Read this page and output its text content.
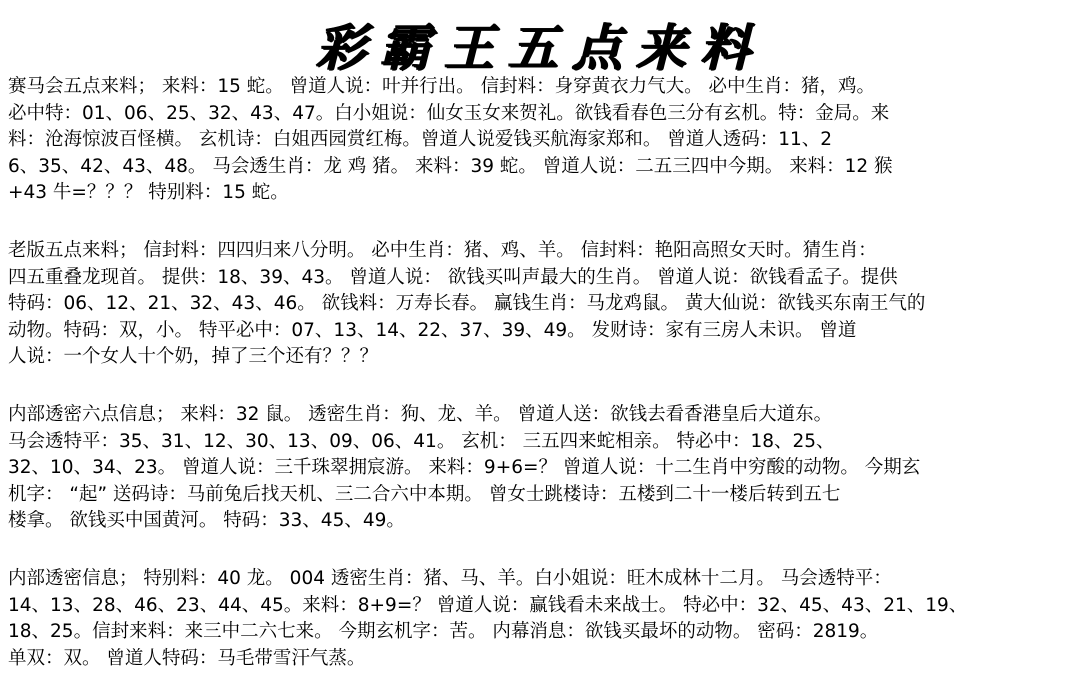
彩霸王五点来料
赛马会五点来料； 来料：15 蛇。 曾道人说：叶并行出。 信封料：身穿黄衣力气大。 必中生肖：猪，鸡。
必中特：01、06、25、32、43、47。白小姐说：仙女玉女来贺礼。欲钱看春色三分有玄机。特：金局。来
料：沧海惊波百怪横。 玄机诗：白姐西园赏红梅。曾道人说爱钱买航海家郑和。 曾道人透码：11、2
6、35、42、43、48。 马会透生肖：龙 鸡 猪。 来料：39 蛇。 曾道人说：二五三四中今期。 来料：12 猴
+43 牛=？？？ 特别料：15 蛇。
老版五点来料； 信封料：四四归来八分明。 必中生肖：猪、鸡、羊。 信封料：艳阳高照女天时。猜生肖：
四五重叠龙现首。 提供：18、39、43。 曾道人说： 欲钱买叫声最大的生肖。 曾道人说：欲钱看孟子。提供
特码：06、12、21、32、43、46。 欲钱料：万寿长春。 赢钱生肖：马龙鸡鼠。 黄大仙说：欲钱买东南王气的
动物。特码：双，小。 特平必中：07、13、14、22、37、39、49。 发财诗：家有三房人未识。 曾道
人说：一个女人十个奶，掉了三个还有？？？
内部透密六点信息； 来料：32 鼠。 透密生肖：狗、龙、羊。 曾道人送：欲钱去看香港皇后大道东。
马会透特平：35、31、12、30、13、09、06、41。 玄机： 三五四来蛇相亲。 特必中：18、25、
32、10、34、23。 曾道人说：三千珠翠拥宸游。 来料：9+6=？ 曾道人说：十二生肖中穷酸的动物。 今期玄
机字： “起” 送码诗：马前兔后找天机、三二合六中本期。 曾女士跳楼诗：五楼到二十一楼后转到五七
楼拿。 欲钱买中国黄河。 特码：33、45、49。
内部透密信息； 特别料：40 龙。 004 透密生肖：猪、马、羊。白小姐说：旺木成林十二月。 马会透特平：
14、13、28、46、23、44、45。来料：8+9=？ 曾道人说：赢钱看未来战士。 特必中：32、45、43、21、19、
18、25。信封来料：来三中二六七来。 今期玄机字：苦。 内幕消息：欲钱买最坏的动物。 密码：2819。
单双：双。 曾道人特码：马毛带雪汗气蒸。
